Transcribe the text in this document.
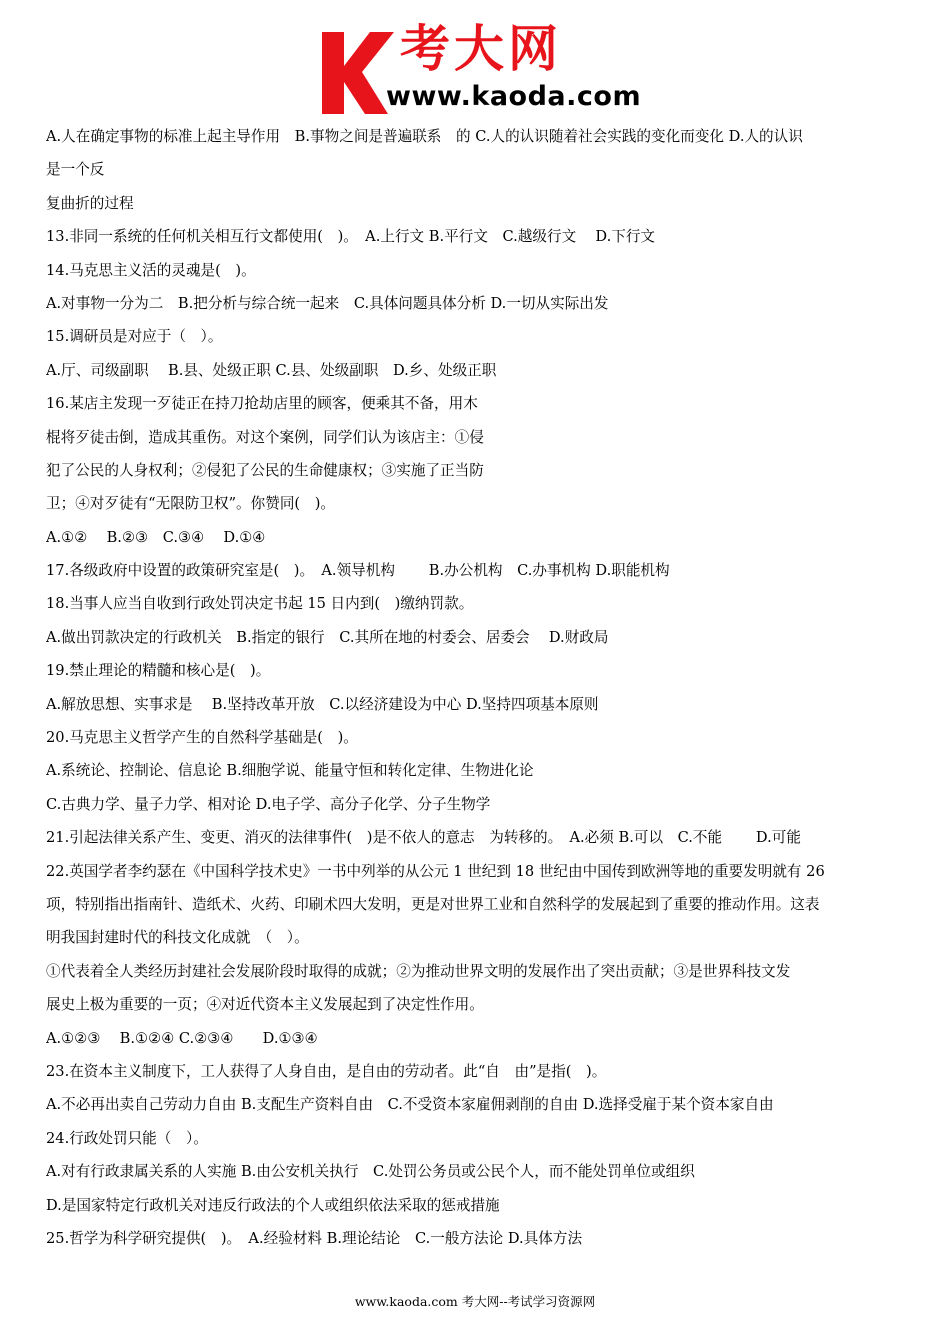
考大网
www.kaoda.com
A.人在确定事物的标准上起主导作用　B.事物之间是普遍联系　的 C.人的认识随着社会实践的变化而变化 D.人的认识
是一个反
复曲折的过程
13.非同一系统的任何机关相互行文都使用(　)。　A.上行文 B.平行文　C.越级行文　 D.下行文
14.马克思主义活的灵魂是(　)。
A.对事物一分为二　B.把分析与综合统一起来　C.具体问题具体分析 D.一切从实际出发
15.调研员是对应于（　）。
A.厅、司级副职　 B.县、处级正职 C.县、处级副职　D.乡、处级正职
16.某店主发现一歹徒正在持刀抢劫店里的顾客，便乘其不备，用木
棍将歹徒击倒，造成其重伤。对这个案例，同学们认为该店主：①侵
犯了公民的人身权利；②侵犯了公民的生命健康权；③实施了正当防
卫；④对歹徒有“无限防卫权”。你赞同(　)。
A.①②　 B.②③　C.③④　 D.①④
17.各级政府中设置的政策研究室是(　)。　A.领导机构　　 B.办公机构　C.办事机构 D.职能机构
18.当事人应当自收到行政处罚决定书起 15 日内到(　)缴纳罚款。
A.做出罚款决定的行政机关　B.指定的银行　C.其所在地的村委会、居委会　 D.财政局
19.禁止理论的精髓和核心是(　)。
A.解放思想、实事求是　 B.坚持改革开放　C.以经济建设为中心 D.坚持四项基本原则
20.马克思主义哲学产生的自然科学基础是(　)。
A.系统论、控制论、信息论 B.细胞学说、能量守恒和转化定律、生物进化论
C.古典力学、量子力学、相对论 D.电子学、高分子化学、分子生物学
21.引起法律关系产生、变更、消灭的法律事件(　)是不依人的意志　为转移的。　A.必须 B.可以　C.不能　　 D.可能
22.英国学者李约瑟在《中国科学技术史》一书中列举的从公元 1 世纪到 18 世纪由中国传到欧洲等地的重要发明就有 26
项，特别指出指南针、造纸术、火药、印刷术四大发明，更是对世界工业和自然科学的发展起到了重要的推动作用。这表
明我国封建时代的科技文化成就　（　）。
①代表着全人类经历封建社会发展阶段时取得的成就；②为推动世界文明的发展作出了突出贡献；③是世界科技文发
展史上极为重要的一页；④对近代资本主义发展起到了决定性作用。
A.①②③　 B.①②④ C.②③④　　D.①③④
23.在资本主义制度下，工人获得了人身自由，是自由的劳动者。此“自　由”是指(　)。
A.不必再出卖自己劳动力自由 B.支配生产资料自由　C.不受资本家雇佣剥削的自由 D.选择受雇于某个资本家自由
24.行政处罚只能（　）。
A.对有行政隶属关系的人实施 B.由公安机关执行　C.处罚公务员或公民个人，而不能处罚单位或组织
D.是国家特定行政机关对违反行政法的个人或组织依法采取的惩戒措施
25.哲学为科学研究提供(　)。　A.经验材料 B.理论结论　C.一般方法论 D.具体方法
www.kaoda.com 考大网--考试学习资源网
